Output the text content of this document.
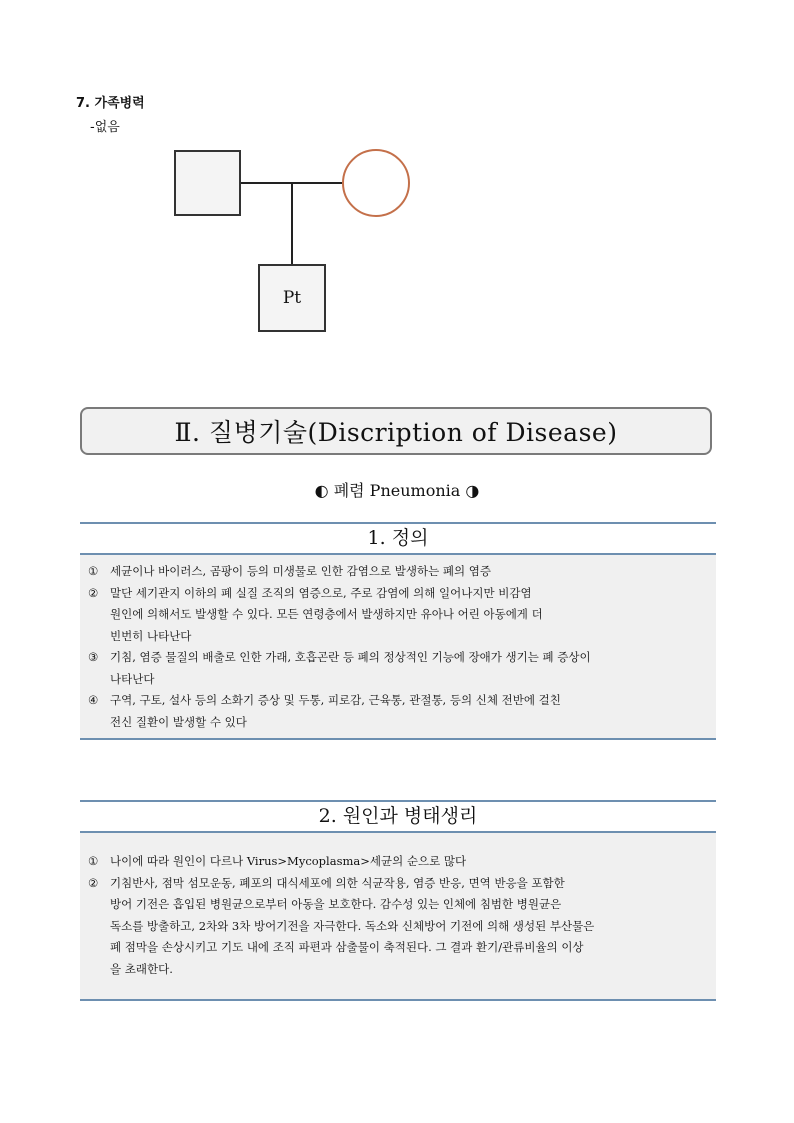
7. 가족병력
-없음
Pt
Ⅱ. 질병기술(Discription of Disease)
◐ 폐렴 Pneumonia ◑
1. 정의
①	세균이나 바이러스, 곰팡이 등의 미생물로 인한 감염으로 발생하는 폐의 염증
②	말단 세기관지 이하의 폐 실질 조직의 염증으로, 주로 감염에 의해 일어나지만 비감염
원인에 의해서도 발생할 수 있다. 모든 연령층에서 발생하지만 유아나 어린 아동에게 더
빈번히 나타난다
③	기침, 염증 물질의 배출로 인한 가래, 호흡곤란 등 폐의 정상적인 기능에 장애가 생기는 폐 증상이
나타난다
④	구역, 구토, 설사 등의 소화기 증상 및 두통, 피로감, 근육통, 관절통, 등의 신체 전반에 걸친
전신 질환이 발생할 수 있다
2. 원인과 병태생리
①	나이에 따라 원인이 다르나 Virus>Mycoplasma>세균의 순으로 많다
②	기침반사, 점막 섬모운동, 폐포의 대식세포에 의한 식균작용, 염증 반응, 면역 반응을 포함한
방어 기전은 흡입된 병원균으로부터 아동을 보호한다. 감수성 있는 인체에 침범한 병원균은
독소를 방출하고, 2차와 3차 방어기전을 자극한다. 독소와 신체방어 기전에 의해 생성된 부산물은
폐 점막을 손상시키고 기도 내에 조직 파편과 삼출물이 축적된다. 그 결과 환기/관류비율의 이상
을 초래한다.
